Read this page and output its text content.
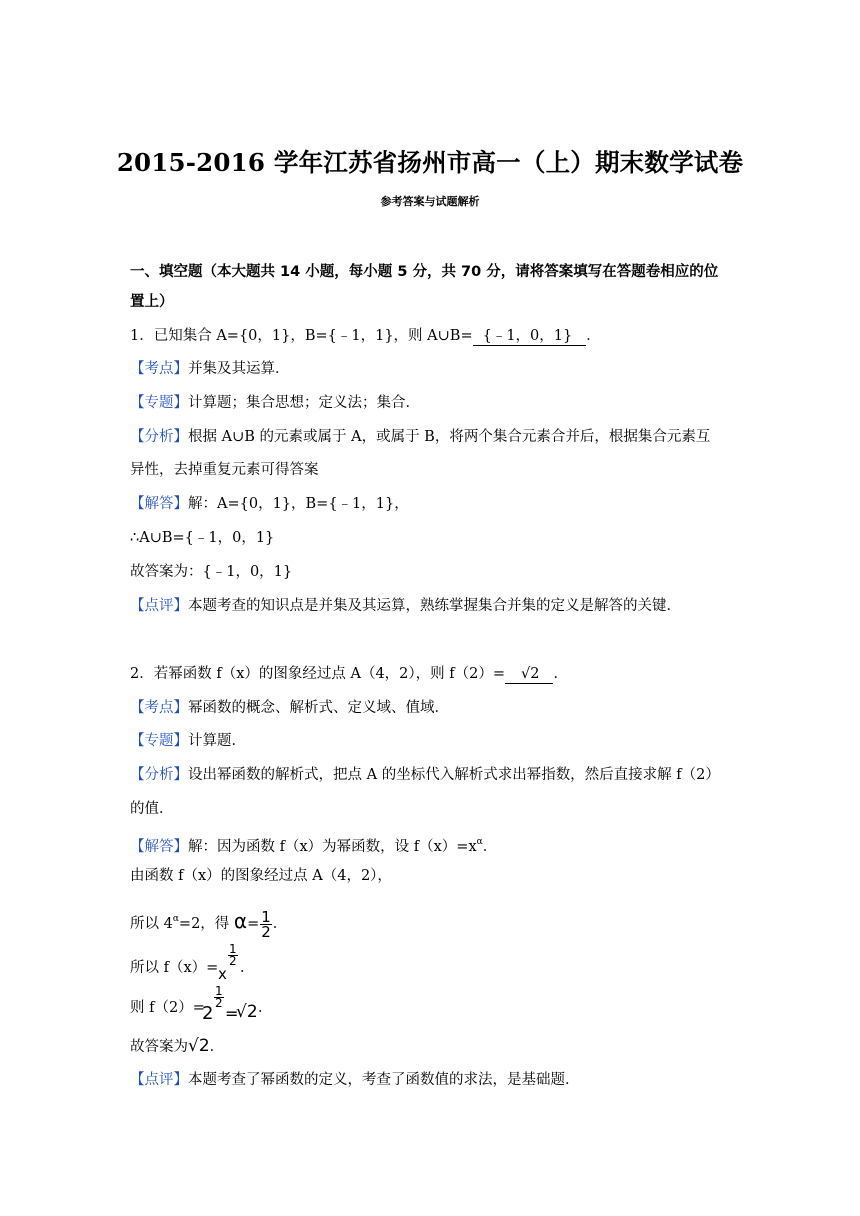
2015-2016 学年江苏省扬州市高一（上）期末数学试卷
参考答案与试题解析
一、填空题（本大题共 14 小题，每小题 5 分，共 70 分，请将答案填写在答题卷相应的位
置上）
1．已知集合 A={0，1}，B={﹣1，1}，则 A∪B= {﹣1，0，1} ．
【考点】并集及其运算．
【专题】计算题；集合思想；定义法；集合．
【分析】根据 A∪B 的元素或属于 A，或属于 B，将两个集合元素合并后，根据集合元素互
异性，去掉重复元素可得答案
【解答】解：A={0，1}，B={﹣1，1}，
∴A∪B={﹣1，0，1}
故答案为：{﹣1，0，1}
【点评】本题考查的知识点是并集及其运算，熟练掌握集合并集的定义是解答的关键．
2．若幂函数 f（x）的图象经过点 A（4，2），则 f（2）= √2 ．
【考点】幂函数的概念、解析式、定义域、值域．
【专题】计算题．
【分析】设出幂函数的解析式，把点 A 的坐标代入解析式求出幂指数，然后直接求解 f（2）
的值．
【解答】解：因为函数 f（x）为幂函数，设 $f(x)=x^\alpha$．
由函数 f（x）的图象经过点 A（4，2），
所以 $4^\alpha=2$，得 $\alpha= \frac{1}{2}$ ．
所以 f（x）= x
$\frac{1}{2}$
．
则 f（2）=
2
$\frac{1}{2}$
=
√2 ．
故答案为√2．
【点评】本题考查了幂函数的定义，考查了函数值的求法，是基础题．
